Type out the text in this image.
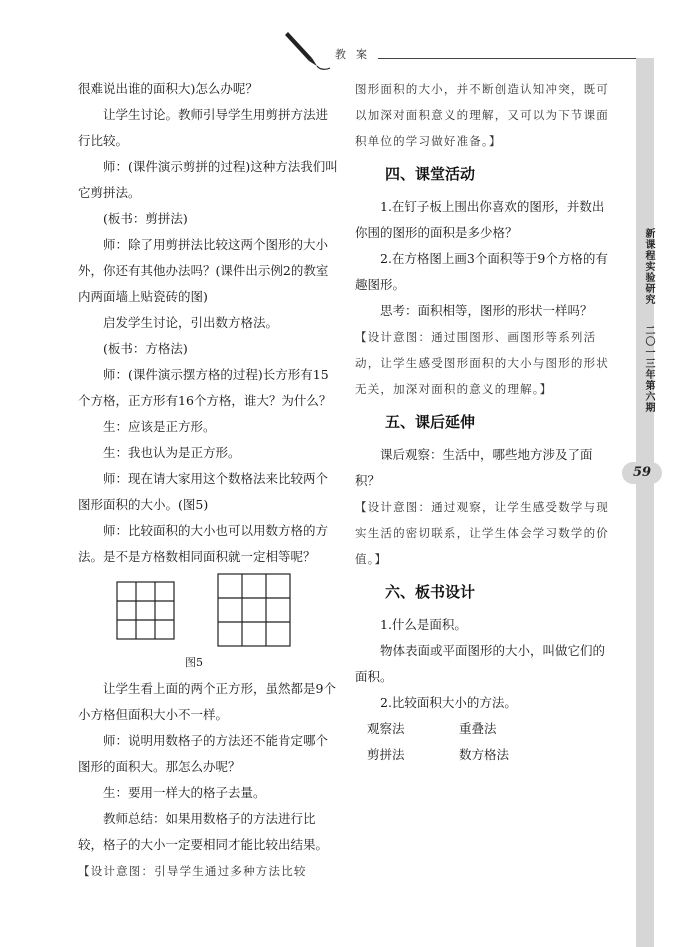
教案
新课程实验研究二〇一三年第六期
59

很难说出谁的面积大)怎么办呢？

让学生讨论。教师引导学生用剪拼方法进行比较。

师：(课件演示剪拼的过程)这种方法我们叫它剪拼法。

(板书：剪拼法)

师：除了用剪拼法比较这两个图形的大小外，你还有其他办法吗？(课件出示例2的教室内两面墙上贴瓷砖的图)

启发学生讨论，引出数方格法。

(板书：方格法)

师：(课件演示摆方格的过程)长方形有15个方格，正方形有16个方格，谁大？为什么？

生：应该是正方形。

生：我也认为是正方形。

师：现在请大家用这个数格法来比较两个图形面积的大小。(图5)

师：比较面积的大小也可以用数方格的方法。是不是方格数相同面积就一定相等呢？

图5

让学生看上面的两个正方形，虽然都是9个小方格但面积大小不一样。

师：说明用数格子的方法还不能肯定哪个图形的面积大。那怎么办呢？

生：要用一样大的格子去量。

教师总结：如果用数格子的方法进行比较，格子的大小一定要相同才能比较出结果。

【设计意图：引导学生通过多种方法比较

图形面积的大小，并不断创造认知冲突，既可以加深对面积意义的理解，又可以为下节课面积单位的学习做好准备。】

四、课堂活动

1.在钉子板上围出你喜欢的图形，并数出你围的图形的面积是多少格？

2.在方格图上画3个面积等于9个方格的有趣图形。

思考：面积相等，图形的形状一样吗？

【设计意图：通过围图形、画图形等系列活动，让学生感受图形面积的大小与图形的形状无关，加深对面积的意义的理解。】

五、课后延伸

课后观察：生活中，哪些地方涉及了面积？

【设计意图：通过观察，让学生感受数学与现实生活的密切联系，让学生体会学习数学的价值。】

六、板书设计

1.什么是面积。

物体表面或平面图形的大小，叫做它们的面积。

2.比较面积大小的方法。

观察法	重叠法
剪拼法	数方格法
